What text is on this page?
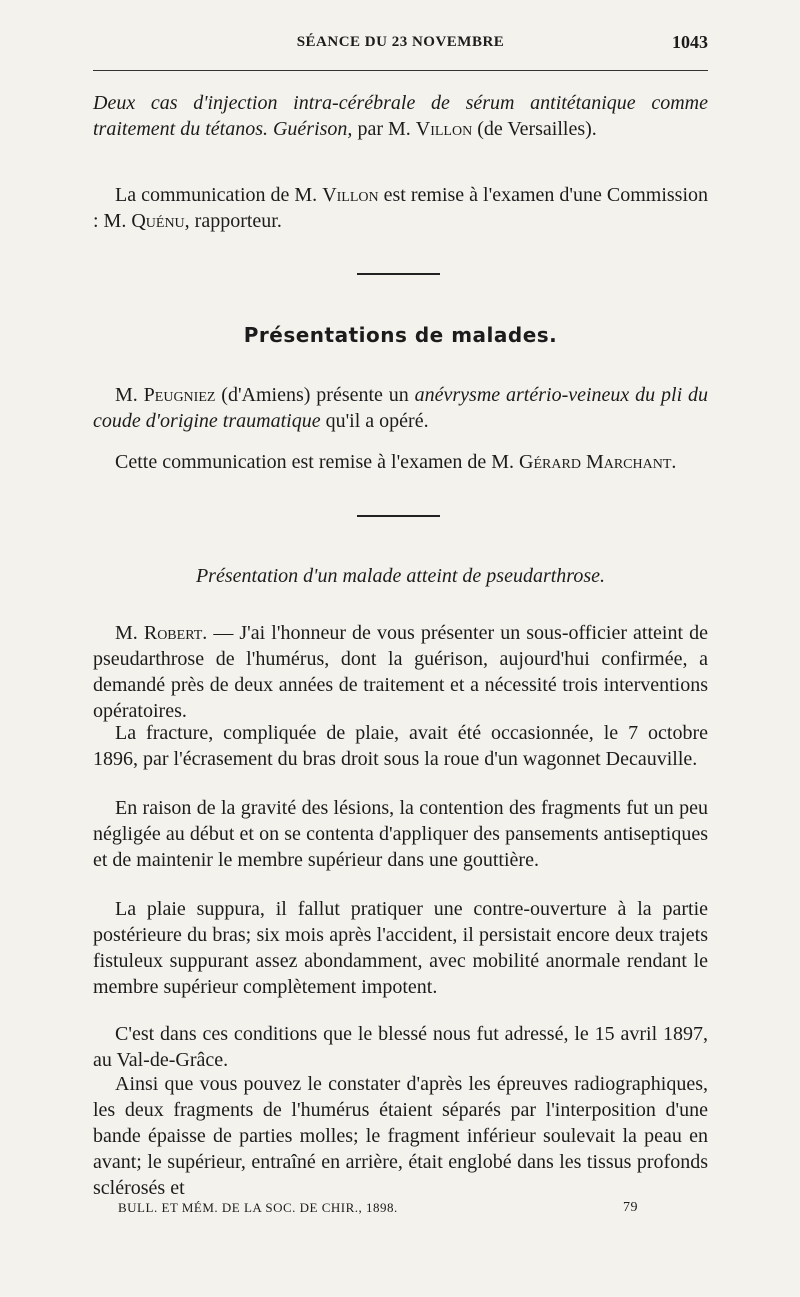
SÉANCE DU 23 NOVEMBRE	1043
Deux cas d'injection intra-cérébrale de sérum antitétanique comme traitement du tétanos. Guérison, par M. Villon (de Versailles).
La communication de M. Villon est remise à l'examen d'une Commission : M. Quénu, rapporteur.
Présentations de malades.
M. Peugniez (d'Amiens) présente un anévrysme artério-veineux du pli du coude d'origine traumatique qu'il a opéré.
Cette communication est remise à l'examen de M. Gérard Marchant.
Présentation d'un malade atteint de pseudarthrose.
M. Robert. — J'ai l'honneur de vous présenter un sous-officier atteint de pseudarthrose de l'humérus, dont la guérison, aujourd'hui confirmée, a demandé près de deux années de traitement et a nécessité trois interventions opératoires.
La fracture, compliquée de plaie, avait été occasionnée, le 7 octobre 1896, par l'écrasement du bras droit sous la roue d'un wagonnet Decauville.
En raison de la gravité des lésions, la contention des fragments fut un peu négligée au début et on se contenta d'appliquer des pansements antiseptiques et de maintenir le membre supérieur dans une gouttière.
La plaie suppura, il fallut pratiquer une contre-ouverture à la partie postérieure du bras; six mois après l'accident, il persistait encore deux trajets fistuleux suppurant assez abondamment, avec mobilité anormale rendant le membre supérieur complètement impotent.
C'est dans ces conditions que le blessé nous fut adressé, le 15 avril 1897, au Val-de-Grâce.
Ainsi que vous pouvez le constater d'après les épreuves radiographiques, les deux fragments de l'humérus étaient séparés par l'interposition d'une bande épaisse de parties molles; le fragment inférieur soulevait la peau en avant; le supérieur, entraîné en arrière, était englobé dans les tissus profonds sclérosés et
BULL. ET MÉM. DE LA SOC. DE CHIR., 1898.	79
